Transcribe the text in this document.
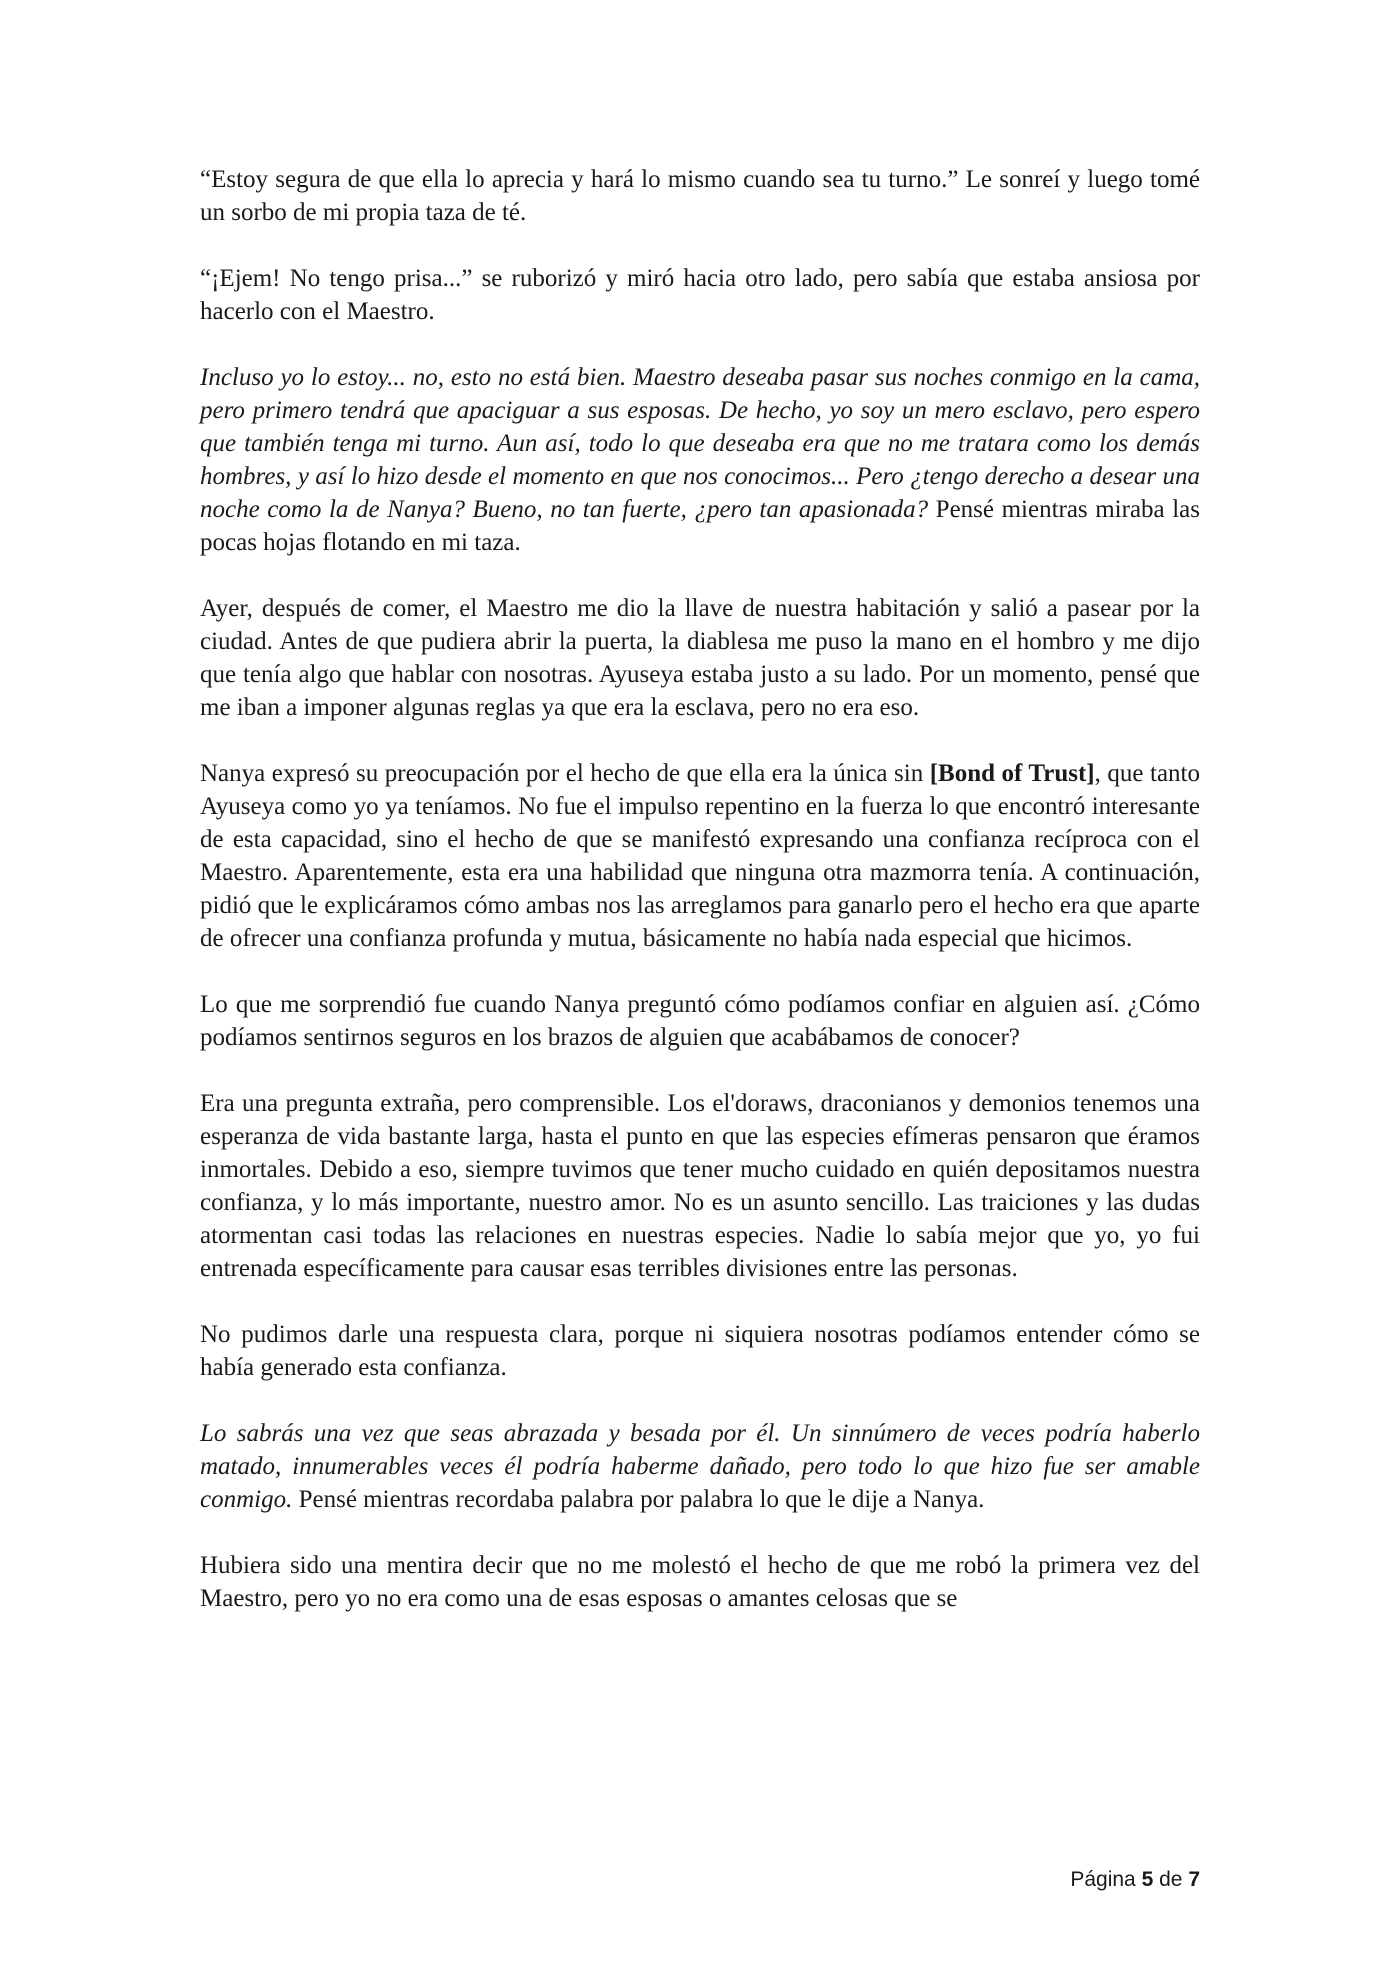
“Estoy segura de que ella lo aprecia y hará lo mismo cuando sea tu turno.” Le sonreí y luego tomé un sorbo de mi propia taza de té.

“¡Ejem! No tengo prisa...” se ruborizó y miró hacia otro lado, pero sabía que estaba ansiosa por hacerlo con el Maestro.

Incluso yo lo estoy... no, esto no está bien. Maestro deseaba pasar sus noches conmigo en la cama, pero primero tendrá que apaciguar a sus esposas. De hecho, yo soy un mero esclavo, pero espero que también tenga mi turno. Aun así, todo lo que deseaba era que no me tratara como los demás hombres, y así lo hizo desde el momento en que nos conocimos... Pero ¿tengo derecho a desear una noche como la de Nanya? Bueno, no tan fuerte, ¿pero tan apasionada? Pensé mientras miraba las pocas hojas flotando en mi taza.

Ayer, después de comer, el Maestro me dio la llave de nuestra habitación y salió a pasear por la ciudad. Antes de que pudiera abrir la puerta, la diablesa me puso la mano en el hombro y me dijo que tenía algo que hablar con nosotras. Ayuseya estaba justo a su lado. Por un momento, pensé que me iban a imponer algunas reglas ya que era la esclava, pero no era eso.

Nanya expresó su preocupación por el hecho de que ella era la única sin [Bond of Trust], que tanto Ayuseya como yo ya teníamos. No fue el impulso repentino en la fuerza lo que encontró interesante de esta capacidad, sino el hecho de que se manifestó expresando una confianza recíproca con el Maestro. Aparentemente, esta era una habilidad que ninguna otra mazmorra tenía. A continuación, pidió que le explicáramos cómo ambas nos las arreglamos para ganarlo pero el hecho era que aparte de ofrecer una confianza profunda y mutua, básicamente no había nada especial que hicimos.

Lo que me sorprendió fue cuando Nanya preguntó cómo podíamos confiar en alguien así. ¿Cómo podíamos sentirnos seguros en los brazos de alguien que acabábamos de conocer?

Era una pregunta extraña, pero comprensible. Los el'doraws, draconianos y demonios tenemos una esperanza de vida bastante larga, hasta el punto en que las especies efímeras pensaron que éramos inmortales. Debido a eso, siempre tuvimos que tener mucho cuidado en quién depositamos nuestra confianza, y lo más importante, nuestro amor. No es un asunto sencillo. Las traiciones y las dudas atormentan casi todas las relaciones en nuestras especies. Nadie lo sabía mejor que yo, yo fui entrenada específicamente para causar esas terribles divisiones entre las personas.

No pudimos darle una respuesta clara, porque ni siquiera nosotras podíamos entender cómo se había generado esta confianza.

Lo sabrás una vez que seas abrazada y besada por él. Un sinnúmero de veces podría haberlo matado, innumerables veces él podría haberme dañado, pero todo lo que hizo fue ser amable conmigo. Pensé mientras recordaba palabra por palabra lo que le dije a Nanya.

Hubiera sido una mentira decir que no me molestó el hecho de que me robó la primera vez del Maestro, pero yo no era como una de esas esposas o amantes celosas que se

Página 5 de 7
